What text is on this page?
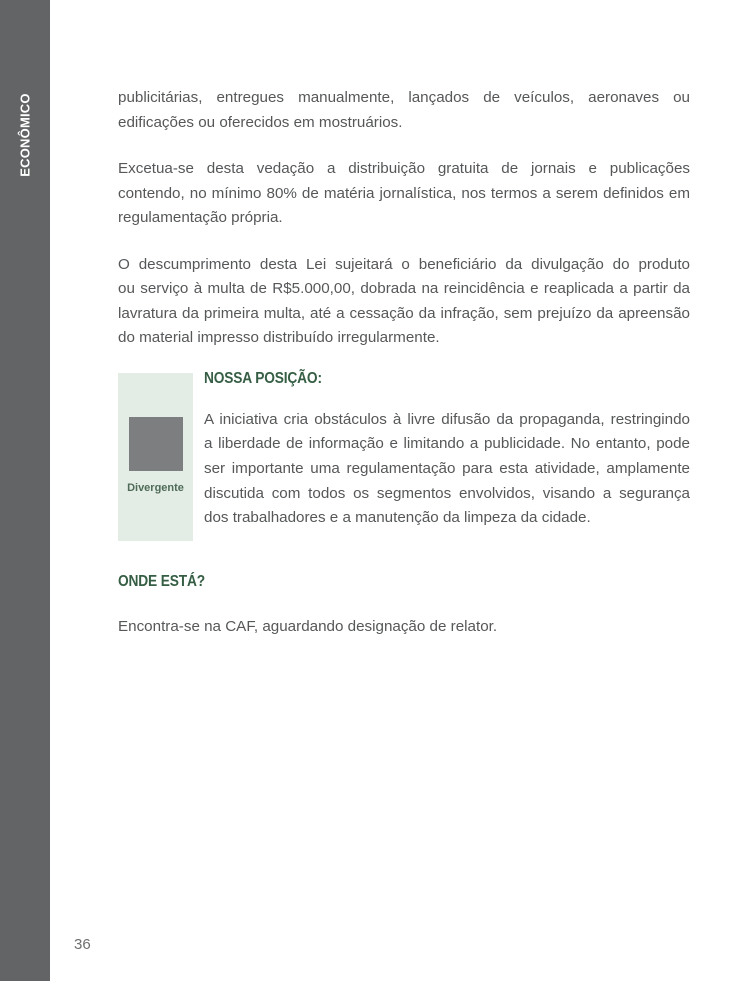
ECONÔMICO	publicitárias, entregues manualmente, lançados de veículos, aeronaves ou
edificações ou oferecidos em mostruários.
Excetua-se desta vedação a distribuição gratuita de jornais e publicações
contendo, no mínimo 80% de matéria jornalística, nos termos a serem definidos em
regulamentação própria.
O descumprimento desta Lei sujeitará o beneficiário da divulgação do produto
ou serviço à multa de R$5.000,00, dobrada na reincidência e reaplicada a partir da
lavratura da primeira multa, até a cessação da infração, sem prejuízo da apreensão
do material impresso distribuído irregularmente.
Divergente
NOSSA POSIÇÃO:
A iniciativa cria obstáculos à livre difusão da propaganda, restringindo
a liberdade de informação e limitando a publicidade. No entanto, pode
ser importante uma regulamentação para esta atividade, amplamente
discutida com todos os segmentos envolvidos, visando a segurança
dos trabalhadores e a manutenção da limpeza da cidade.
ONDE ESTÁ?
Encontra-se na CAF, aguardando designação de relator.
36
